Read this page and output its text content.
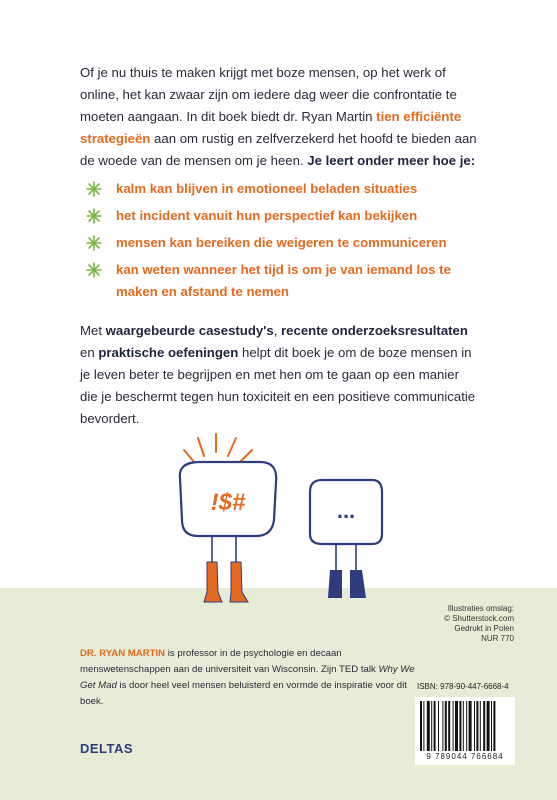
Of je nu thuis te maken krijgt met boze mensen, op het werk of online, het kan zwaar zijn om iedere dag weer die confrontatie te moeten aangaan. In dit boek biedt dr. Ryan Martin tien efficiënte strategieën aan om rustig en zelfverzekerd het hoofd te bieden aan de woede van de mensen om je heen. Je leert onder meer hoe je:
kalm kan blijven in emotioneel beladen situaties
het incident vanuit hun perspectief kan bekijken
mensen kan bereiken die weigeren te communiceren
kan weten wanneer het tijd is om je van iemand los te maken en afstand te nemen
Met waargebeurde casestudy's, recente onderzoeksresultaten en praktische oefeningen helpt dit boek je om de boze mensen in je leven beter te begrijpen en met hen om te gaan op een manier die je beschermt tegen hun toxiciteit en een positieve communicatie bevordert.
!$#	...
Illustraties omslag:
© Shutterstock.com
Gedrukt in Polen
NUR 770
DR. RYAN MARTIN is professor in de psychologie en decaan menswetenschappen aan de universiteit van Wisconsin. Zijn TED talk Why We Get Mad is door heel veel mensen beluisterd en vormde de inspiratie voor dit boek.
ISBN: 978-90-447-6668-4
9 789044 766684
DELTAS
